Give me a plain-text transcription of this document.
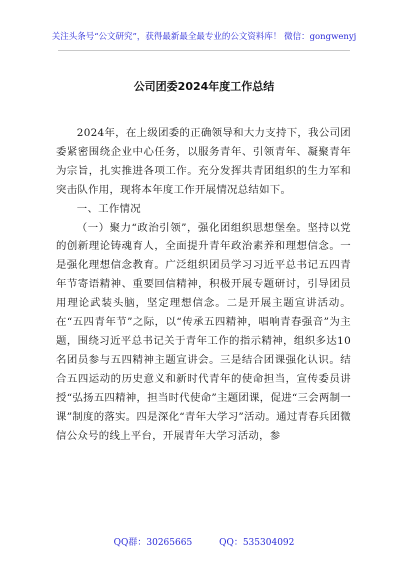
关注头条号“公文研究”，获得最新最全最专业的公文资料库！ 微信：gongwenyj
公司团委2024年度工作总结

2024年，在上级团委的正确领导和大力支持下，我公司团委紧密围绕企业中心任务，以服务青年、引领青年、凝聚青年为宗旨，扎实推进各项工作。充分发挥共青团组织的生力军和突击队作用，现将本年度工作开展情况总结如下。

一、工作情况

（一）聚力“政治引领”，强化团组织思想堡垒。坚持以党的创新理论铸魂育人，全面提升青年政治素养和理想信念。一是强化理想信念教育。广泛组织团员学习习近平总书记五四青年节寄语精神、重要回信精神，积极开展专题研讨，引导团员用理论武装头脑，坚定理想信念。二是开展主题宣讲活动。在“五四青年节”之际，以“传承五四精神，唱响青春强音”为主题，围绕习近平总书记关于青年工作的指示精神，组织多达10名团员参与五四精神主题宣讲会。三是结合团课强化认识。结合五四运动的历史意义和新时代青年的使命担当，宣传委员讲授“弘扬五四精神，担当时代使命”主题团课，促进“三会两制一课”制度的落实。四是深化“青年大学习”活动。通过青春兵团微信公众号的线上平台，开展青年大学习活动，参

QQ群：30265665	QQ：535304092
